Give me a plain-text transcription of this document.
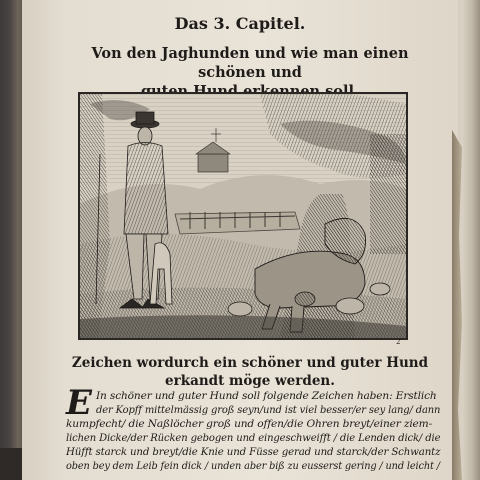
Das 3. Capitel.
Von den Jaghunden und wie man einen schönen und
2
Zeichen wordurch ein schöner und guter Hund
erkandt möge werden.
E In schöner und guter Hund soll folgende Zeichen haben: Erstlich
der Kopff mittelmässig groß seyn/und ist viel besser/er sey lang/ dann
kumpfecht/ die Naßlöcher groß und offen/die Ohren breyt/einer ziem-
lichen Dicke/der Rücken gebogen und eingeschweifft / die Lenden dick/ die
Hüfft starck und breyt/die Knie und Füsse gerad und starck/der Schwantz
oben bey dem Leib fein dick / unden aber biß zu eusserst gering / und leicht /
